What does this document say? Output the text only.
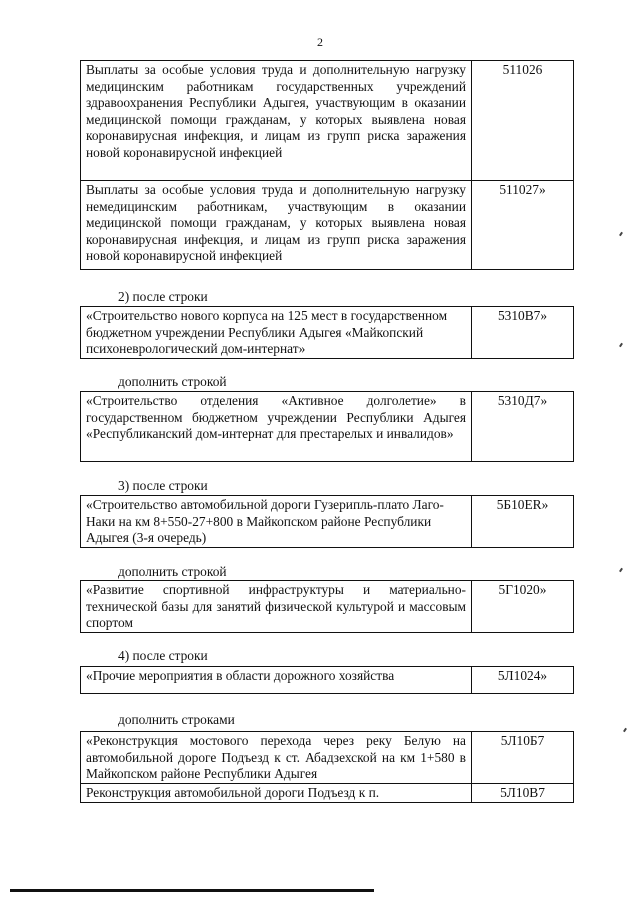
2
Выплаты за особые условия труда и дополнительную нагрузку медицинским работникам государственных учреждений здравоохранения Республики Адыгея, участвующим в оказании медицинской помощи гражданам, у которых выявлена новая коронавирусная инфекция, и лицам из групп риска заражения новой коронавирусной инфекцией	511026
Выплаты за особые условия труда и дополнительную нагрузку немедицинским работникам, участвующим в оказании медицинской помощи гражданам, у которых выявлена новая коронавирусная инфекция, и лицам из групп риска заражения новой коронавирусной инфекцией	511027»
2) после строки
«Строительство нового корпуса на 125 мест в государственном бюджетном учреждении Республики Адыгея «Майкопский психоневрологический дом-интернат»	5310В7»
дополнить строкой
«Строительство отделения «Активное долголетие» в государственном бюджетном учреждении Республики Адыгея «Республиканский дом-интернат для престарелых и инвалидов»	5310Д7»
3) после строки
«Строительство автомобильной дороги Гузерипль-плато Лаго-Наки на км 8+550-27+800 в Майкопском районе Республики Адыгея (3-я очередь)	5Б10ER»
дополнить строкой
«Развитие спортивной инфраструктуры и материально-технической базы для занятий физической культурой и массовым спортом	5Г1020»
4) после строки
«Прочие мероприятия в области дорожного хозяйства	5Л1024»
дополнить строками
«Реконструкция мостового перехода через реку Белую на автомобильной дороге Подъезд к ст. Абадзехской на км 1+580 в Майкопском районе Республики Адыгея	5Л10Б7
Реконструкция автомобильной дороги Подъезд к п.	5Л10В7
